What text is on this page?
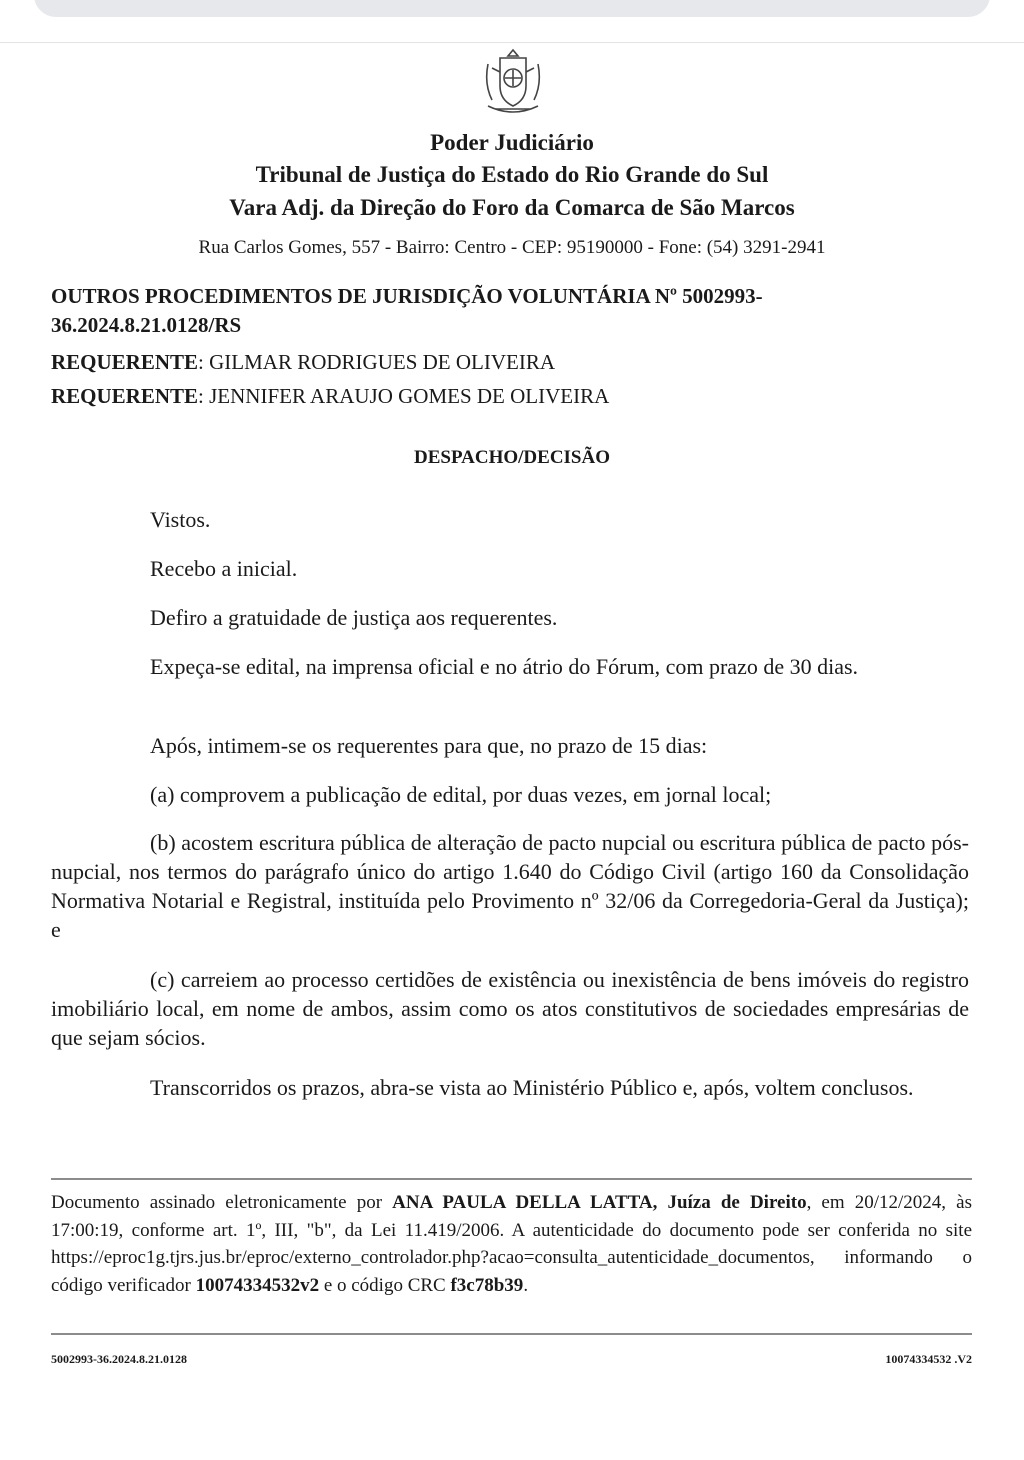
Poder Judiciário
Tribunal de Justiça do Estado do Rio Grande do Sul
Vara Adj. da Direção do Foro da Comarca de São Marcos
Rua Carlos Gomes, 557 - Bairro: Centro - CEP: 95190000 - Fone: (54) 3291-2941
OUTROS PROCEDIMENTOS DE JURISDIÇÃO VOLUNTÁRIA Nº 5002993-
36.2024.8.21.0128/RS
REQUERENTE: GILMAR RODRIGUES DE OLIVEIRA
REQUERENTE: JENNIFER ARAUJO GOMES DE OLIVEIRA
DESPACHO/DECISÃO
Vistos.
Recebo a inicial.
Defiro a gratuidade de justiça aos requerentes.
Expeça-se edital, na imprensa oficial e no átrio do Fórum, com prazo de 30 dias.
Após, intimem-se os requerentes para que, no prazo de 15 dias:
(a) comprovem a publicação de edital, por duas vezes, em jornal local;
(b) acostem escritura pública de alteração de pacto nupcial ou escritura pública de pacto pós-nupcial, nos termos do parágrafo único do artigo 1.640 do Código Civil (artigo 160 da Consolidação Normativa Notarial e Registral, instituída pelo Provimento nº 32/06 da Corregedoria-Geral da Justiça); e
(c) carreiem ao processo certidões de existência ou inexistência de bens imóveis do registro imobiliário local, em nome de ambos, assim como os atos constitutivos de sociedades empresárias de que sejam sócios.
Transcorridos os prazos, abra-se vista ao Ministério Público e, após, voltem conclusos.
Documento assinado eletronicamente por ANA PAULA DELLA LATTA, Juíza de Direito, em 20/12/2024, às 17:00:19, conforme art. 1º, III, "b", da Lei 11.419/2006. A autenticidade do documento pode ser conferida no site https://eproc1g.tjrs.jus.br/eproc/externo_controlador.php?acao=consulta_autenticidade_documentos, informando o código verificador 10074334532v2 e o código CRC f3c78b39.
5002993-36.2024.8.21.0128	10074334532 .V2
